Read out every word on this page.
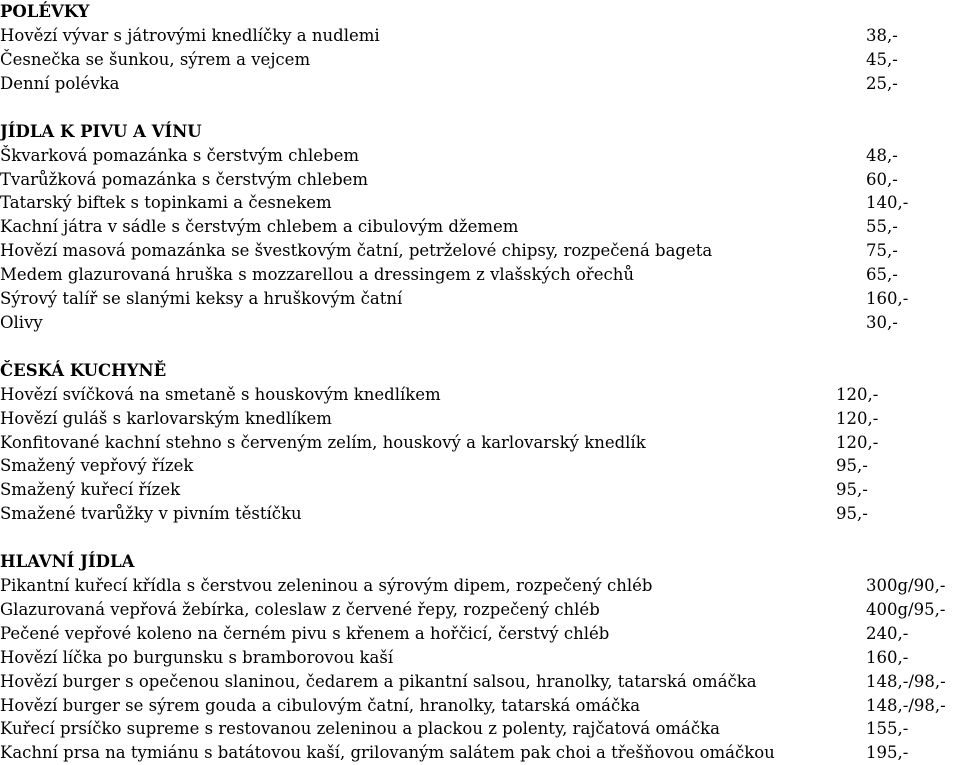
POLÉVKY
Hovězí vývar s játrovými knedlíčky a nudlemi	38,-
Česnečka se šunkou, sýrem a vejcem	45,-
Denní polévka	25,-
JÍDLA K PIVU A VÍNU
Škvarková pomazánka s čerstvým chlebem	48,-
Tvarůžková pomazánka s čerstvým chlebem	60,-
Tatarský biftek s topinkami a česnekem	140,-
Kachní játra v sádle s čerstvým chlebem a cibulovým džemem	55,-
Hovězí masová pomazánka se švestkovým čatní, petrželové chipsy, rozpečená bageta	75,-
Medem glazurovaná hruška s mozzarellou a dressingem z vlašských ořechů	65,-
Sýrový talíř se slanými keksy a hruškovým čatní	160,-
Olivy	30,-
ČESKÁ KUCHYNĚ
Hovězí svíčková na smetaně s houskovým knedlíkem	120,-
Hovězí guláš s karlovarským knedlíkem	120,-
Konfitované kachní stehno s červeným zelím, houskový a karlovarský knedlík	120,-
Smažený vepřový řízek	95,-
Smažený kuřecí řízek	95,-
Smažené tvarůžky v pivním těstíčku	95,-
HLAVNÍ JÍDLA
Pikantní kuřecí křídla s čerstvou zeleninou a sýrovým dipem, rozpečený chléb	300g/90,-
Glazurovaná vepřová žebírka, coleslaw z červené řepy, rozpečený chléb	400g/95,-
Pečené vepřové koleno na černém pivu s křenem a hořčicí, čerstvý chléb	240,-
Hovězí líčka po burgunsku s bramborovou kaší	160,-
Hovězí burger s opečenou slaninou, čedarem a pikantní salsou, hranolky, tatarská omáčka	148,-/98,-
Hovězí burger se sýrem gouda a cibulovým čatní, hranolky, tatarská omáčka	148,-/98,-
Kuřecí prsíčko supreme s restovanou zeleninou a plackou z polenty, rajčatová omáčka	155,-
Kachní prsa na tymiánu s batátovou kaší, grilovaným salátem pak choi a třešňovou omáčkou	195,-
